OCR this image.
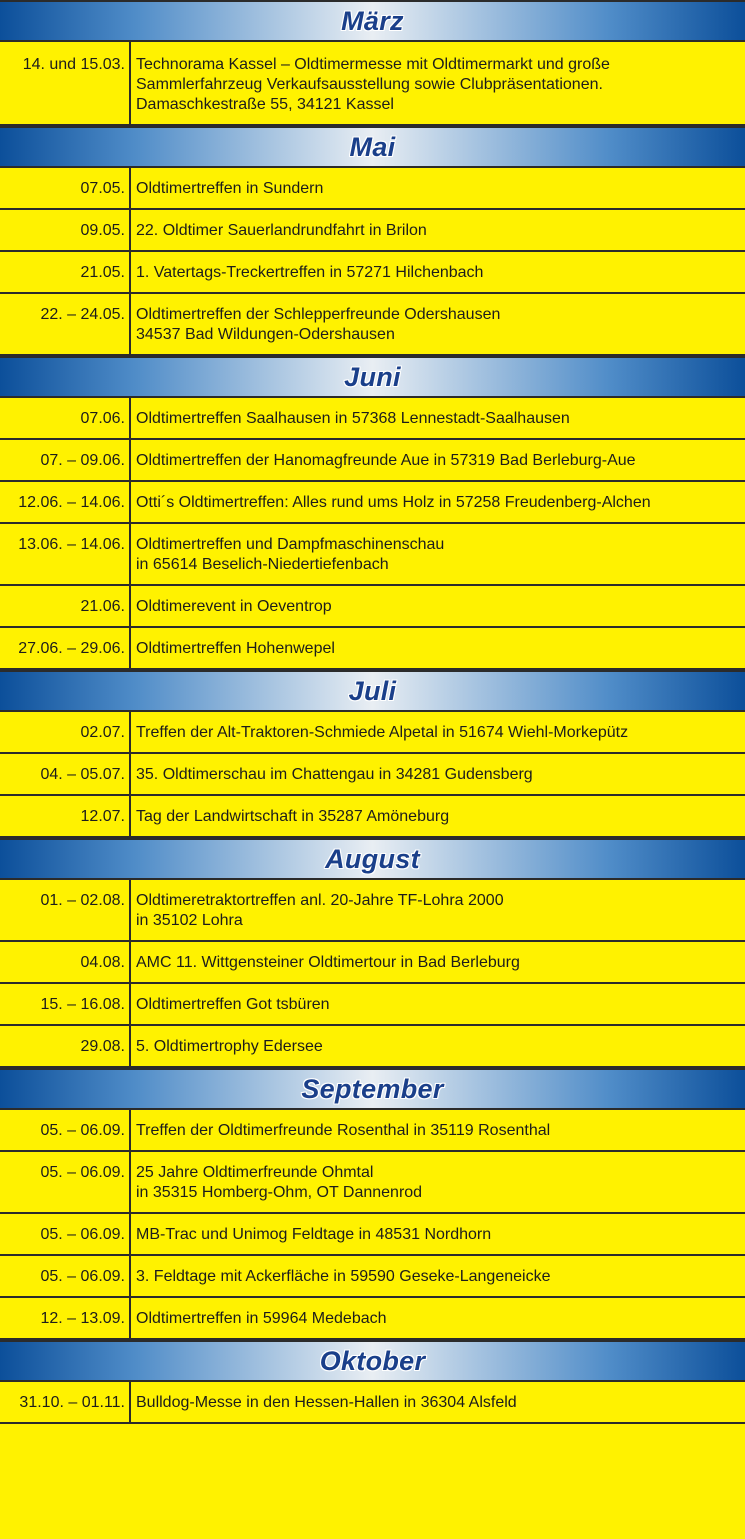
März
14. und 15.03. Technorama Kassel – Oldtimermesse mit Oldtimermarkt und große
Sammlerfahrzeug Verkaufsausstellung sowie Clubpräsentationen.
Damaschkestraße 55, 34121 Kassel
Mai
07.05. Oldtimertreffen in Sundern
09.05. 22. Oldtimer Sauerlandrundfahrt in Brilon
21.05. 1. Vatertags-Treckertreffen in 57271 Hilchenbach
22. – 24.05. Oldtimertreffen der Schlepperfreunde Odershausen
34537 Bad Wildungen-Odershausen
Juni
07.06. Oldtimertreffen Saalhausen in 57368 Lennestadt-Saalhausen
07. – 09.06. Oldtimertreffen der Hanomagfreunde Aue in 57319 Bad Berleburg-Aue
12.06. – 14.06. Otti´s Oldtimertreffen: Alles rund ums Holz in 57258 Freudenberg-Alchen
13.06. – 14.06. Oldtimertreffen und Dampfmaschinenschau
in 65614 Beselich-Niedertiefenbach
21.06. Oldtimerevent in Oeventrop
27.06. – 29.06. Oldtimertreffen Hohenwepel
Juli
02.07. Treffen der Alt-Traktoren-Schmiede Alpetal in 51674 Wiehl-Morkepütz
04. – 05.07. 35. Oldtimerschau im Chattengau in 34281 Gudensberg
12.07. Tag der Landwirtschaft in 35287 Amöneburg
August
01. – 02.08. Oldtimeretraktortreffen anl. 20-Jahre TF-Lohra 2000
in 35102 Lohra
04.08. AMC 11. Wittgensteiner Oldtimertour in Bad Berleburg
15. – 16.08. Oldtimertreffen Got tsbüren
29.08. 5. Oldtimertrophy Edersee
September
05. – 06.09. Treffen der Oldtimerfreunde Rosenthal in 35119 Rosenthal
05. – 06.09. 25 Jahre Oldtimerfreunde Ohmtal
in 35315 Homberg-Ohm, OT Dannenrod
05. – 06.09. MB-Trac und Unimog Feldtage in 48531 Nordhorn
05. – 06.09. 3. Feldtage mit Ackerfläche in 59590 Geseke-Langeneicke
12. – 13.09. Oldtimertreffen in 59964 Medebach
Oktober
31.10. – 01.11. Bulldog-Messe in den Hessen-Hallen in 36304 Alsfeld
